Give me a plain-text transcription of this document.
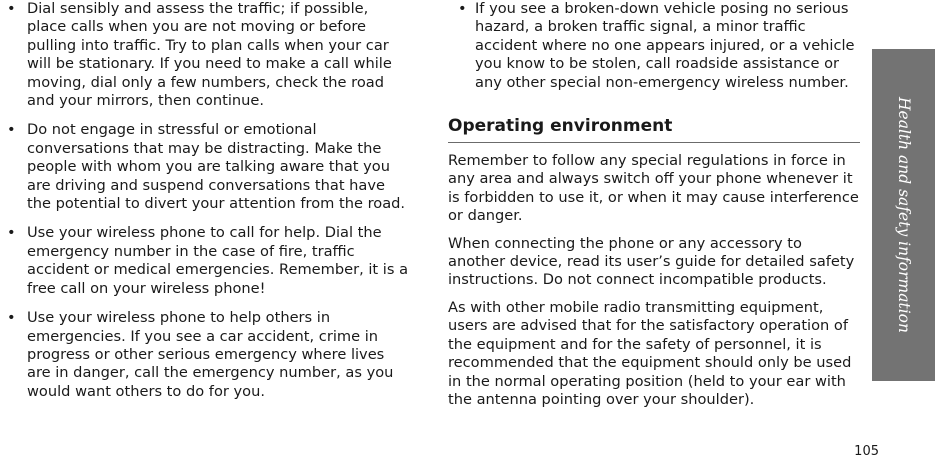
• Dial sensibly and assess the traffic; if possible, place calls when you are not moving or before pulling into traffic. Try to plan calls when your car will be stationary. If you need to make a call while moving, dial only a few numbers, check the road and your mirrors, then continue.
• Do not engage in stressful or emotional conversations that may be distracting. Make the people with whom you are talking aware that you are driving and suspend conversations that have the potential to divert your attention from the road.
• Use your wireless phone to call for help. Dial the emergency number in the case of fire, traffic accident or medical emergencies. Remember, it is a free call on your wireless phone!
• Use your wireless phone to help others in emergencies. If you see a car accident, crime in progress or other serious emergency where lives are in danger, call the emergency number, as you would want others to do for you.
• If you see a broken-down vehicle posing no serious hazard, a broken traffic signal, a minor traffic accident where no one appears injured, or a vehicle you know to be stolen, call roadside assistance or any other special non-emergency wireless number.
Operating environment

Remember to follow any special regulations in force in any area and always switch off your phone whenever it is forbidden to use it, or when it may cause interference or danger.

When connecting the phone or any accessory to another device, read its user’s guide for detailed safety instructions. Do not connect incompatible products.

As with other mobile radio transmitting equipment, users are advised that for the satisfactory operation of the equipment and for the safety of personnel, it is recommended that the equipment should only be used in the normal operating position (held to your ear with the antenna pointing over your shoulder).

Health and safety information
105
